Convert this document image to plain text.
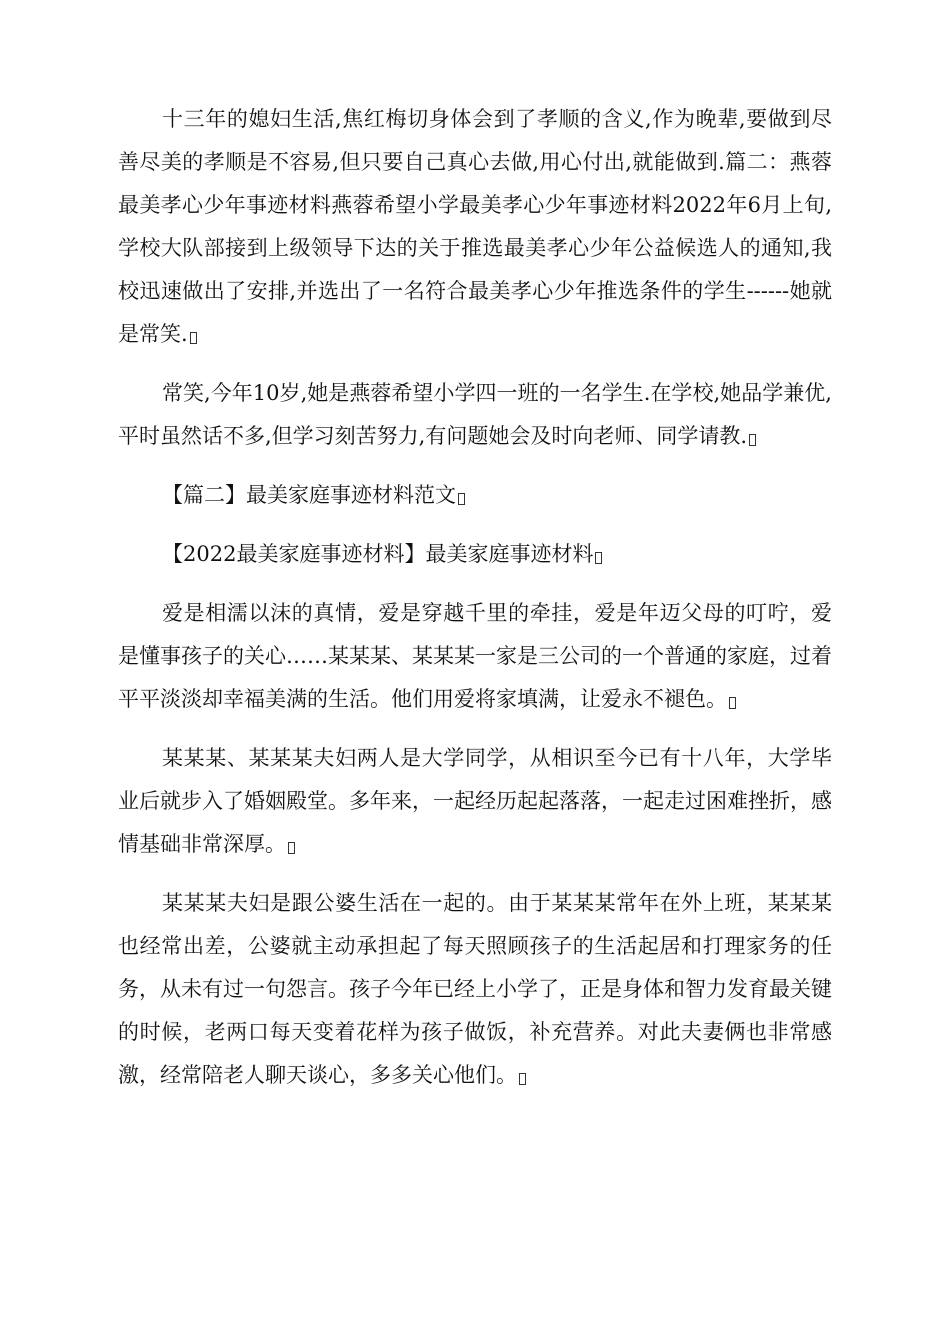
十三年的媳妇生活,焦红梅切身体会到了孝顺的含义,作为晚辈,要做到尽善尽美的孝顺是不容易,但只要自己真心去做,用心付出,就能做到.篇二：燕蓉最美孝心少年事迹材料燕蓉希望小学最美孝心少年事迹材料2022年6月上旬,学校大队部接到上级领导下达的关于推选最美孝心少年公益候选人的通知,我校迅速做出了安排,并选出了一名符合最美孝心少年推选条件的学生------她就是常笑.

常笑,今年10岁,她是燕蓉希望小学四一班的一名学生.在学校,她品学兼优,平时虽然话不多,但学习刻苦努力,有问题她会及时向老师、同学请教.

【篇二】最美家庭事迹材料范文

【2022最美家庭事迹材料】最美家庭事迹材料

爱是相濡以沫的真情，爱是穿越千里的牵挂，爱是年迈父母的叮咛，爱是懂事孩子的关心……某某某、某某某一家是三公司的一个普通的家庭，过着平平淡淡却幸福美满的生活。他们用爱将家填满，让爱永不褪色。

某某某、某某某夫妇两人是大学同学，从相识至今已有十八年，大学毕业后就步入了婚姻殿堂。多年来，一起经历起起落落，一起走过困难挫折，感情基础非常深厚。

某某某夫妇是跟公婆生活在一起的。由于某某某常年在外上班，某某某也经常出差，公婆就主动承担起了每天照顾孩子的生活起居和打理家务的任务，从未有过一句怨言。孩子今年已经上小学了，正是身体和智力发育最关键的时候，老两口每天变着花样为孩子做饭，补充营养。对此夫妻俩也非常感激，经常陪老人聊天谈心，多多关心他们。
